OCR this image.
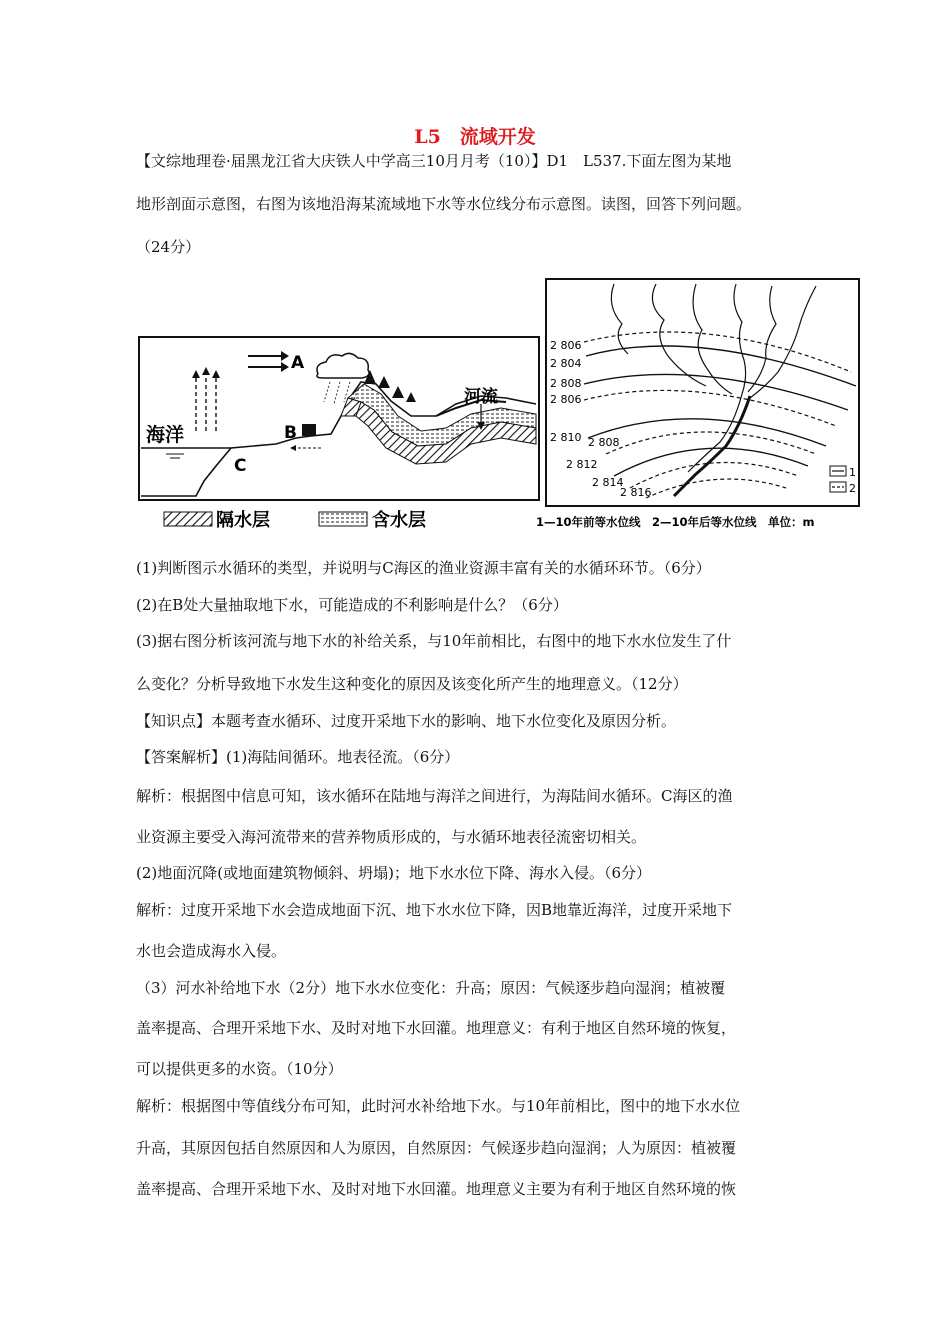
L5　流域开发
【文综地理卷·届黑龙江省大庆铁人中学高三10月月考（10）】D1　L537.下面左图为某地
地形剖面示意图，右图为该地沿海某流域地下水等水位线分布示意图。读图，回答下列问题。
（24分）
A
B
海洋
C
河流
隔水层	含水层
2 806
2 804
2 808
2 806
2 810 2 808
2 812
2 814
2 816
1
2
1—10年前等水位线　2—10年后等水位线　单位：m
(1)判断图示水循环的类型，并说明与C海区的渔业资源丰富有关的水循环环节。（6分）
(2)在B处大量抽取地下水，可能造成的不利影响是什么？（6分）
(3)据右图分析该河流与地下水的补给关系，与10年前相比，右图中的地下水水位发生了什
么变化？分析导致地下水发生这种变化的原因及该变化所产生的地理意义。（12分）
【知识点】本题考查水循环、过度开采地下水的影响、地下水位变化及原因分析。
【答案解析】(1)海陆间循环。地表径流。（6分）
解析：根据图中信息可知，该水循环在陆地与海洋之间进行，为海陆间水循环。C海区的渔
业资源主要受入海河流带来的营养物质形成的，与水循环地表径流密切相关。
(2)地面沉降(或地面建筑物倾斜、坍塌)；地下水水位下降、海水入侵。（6分）
解析：过度开采地下水会造成地面下沉、地下水水位下降，因B地靠近海洋，过度开采地下
水也会造成海水入侵。
（3）河水补给地下水（2分）地下水水位变化：升高；原因：气候逐步趋向湿润；植被覆
盖率提高、合理开采地下水、及时对地下水回灌。地理意义：有利于地区自然环境的恢复，
可以提供更多的水资。（10分）
解析：根据图中等值线分布可知，此时河水补给地下水。与10年前相比，图中的地下水水位
升高，其原因包括自然原因和人为原因，自然原因：气候逐步趋向湿润；人为原因：植被覆
盖率提高、合理开采地下水、及时对地下水回灌。地理意义主要为有利于地区自然环境的恢
